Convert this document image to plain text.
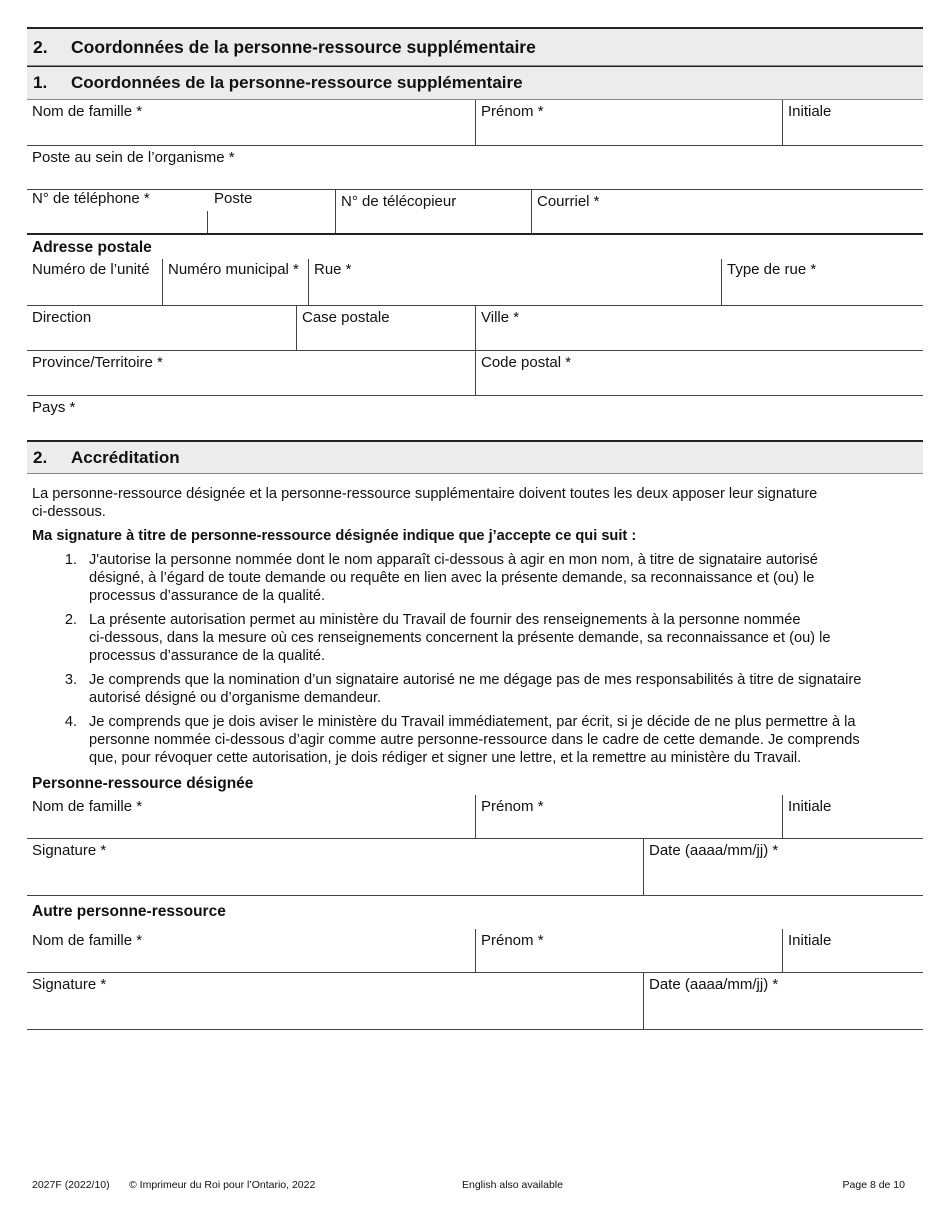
2.	Coordonnées de la personne-ressource supplémentaire
1.	Coordonnées de la personne-ressource supplémentaire
Nom de famille *	Prénom *	Initiale
Poste au sein de l’organisme *
N° de téléphone *	Poste	N° de télécopieur	Courriel *
Adresse postale
Numéro de l’unité	Numéro municipal *	Rue *	Type de rue *
Direction	Case postale	Ville *
Province/Territoire *	Code postal *
Pays *
2.	Accréditation
La personne-ressource désignée et la personne-ressource supplémentaire doivent toutes les deux apposer leur signature
ci-dessous.
Ma signature à titre de personne-ressource désignée indique que j’accepte ce qui suit :
1. J'autorise la personne nommée dont le nom apparaît ci-dessous à agir en mon nom, à titre de signataire autorisé
désigné, à l’égard de toute demande ou requête en lien avec la présente demande, sa reconnaissance et (ou) le
processus d’assurance de la qualité.
2. La présente autorisation permet au ministère du Travail de fournir des renseignements à la personne nommée
ci-dessous, dans la mesure où ces renseignements concernent la présente demande, sa reconnaissance et (ou) le
processus d’assurance de la qualité.
3. Je comprends que la nomination d’un signataire autorisé ne me dégage pas de mes responsabilités à titre de signataire
autorisé désigné ou d’organisme demandeur.
4. Je comprends que je dois aviser le ministère du Travail immédiatement, par écrit, si je décide de ne plus permettre à la
personne nommée ci-dessous d’agir comme autre personne-ressource dans le cadre de cette demande. Je comprends
que, pour révoquer cette autorisation, je dois rédiger et signer une lettre, et la remettre au ministère du Travail.
Personne-ressource désignée
Nom de famille *	Prénom *	Initiale
Signature *	Date (aaaa/mm/jj) *
Autre personne-ressource
Nom de famille *	Prénom *	Initiale
Signature *	Date (aaaa/mm/jj) *
2027F (2022/10) © Imprimeur du Roi pour l’Ontario, 2022	English also available	Page 8 de 10
